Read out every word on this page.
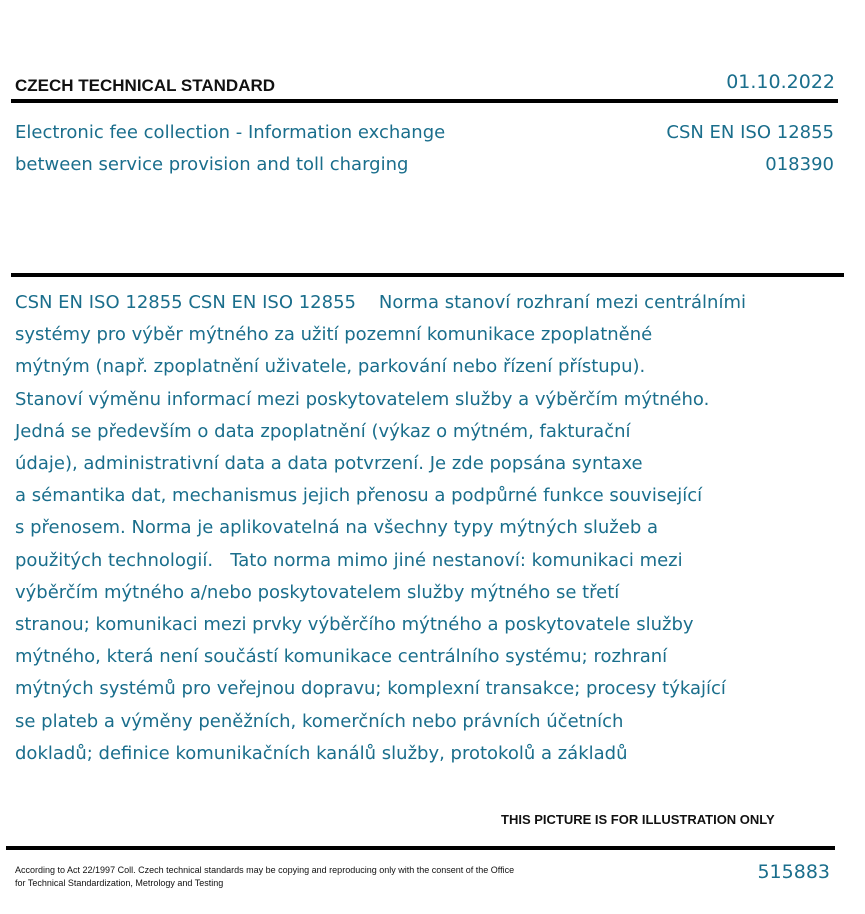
CZECH TECHNICAL STANDARD	01.10.2022
Electronic fee collection - Information exchange
between service provision and toll charging
CSN EN ISO 12855
018390
CSN EN ISO 12855 CSN EN ISO 12855    Norma stanoví rozhraní mezi centrálními
systémy pro výběr mýtného za užití pozemní komunikace zpoplatněné
mýtným (např. zpoplatnění uživatele, parkování nebo řízení přístupu).
Stanoví výměnu informací mezi poskytovatelem služby a výběrčím mýtného.
Jedná se především o data zpoplatnění (výkaz o mýtném, fakturační
údaje), administrativní data a data potvrzení. Je zde popsána syntaxe
a sémantika dat, mechanismus jejich přenosu a podpůrné funkce související
s přenosem. Norma je aplikovatelná na všechny typy mýtných služeb a
použitých technologií.   Tato norma mimo jiné nestanoví: komunikaci mezi
výběrčím mýtného a/nebo poskytovatelem služby mýtného se třetí
stranou; komunikaci mezi prvky výběrčího mýtného a poskytovatele služby
mýtného, která není součástí komunikace centrálního systému; rozhraní
mýtných systémů pro veřejnou dopravu; komplexní transakce; procesy týkající
se plateb a výměny peněžních, komerčních nebo právních účetních
dokladů; definice komunikačních kanálů služby, protokolů a základů
THIS PICTURE IS FOR ILLUSTRATION ONLY
According to Act 22/1997 Coll. Czech technical standards may be copying and reproducing only with the consent of the Office
for Technical Standardization, Metrology and Testing	515883
